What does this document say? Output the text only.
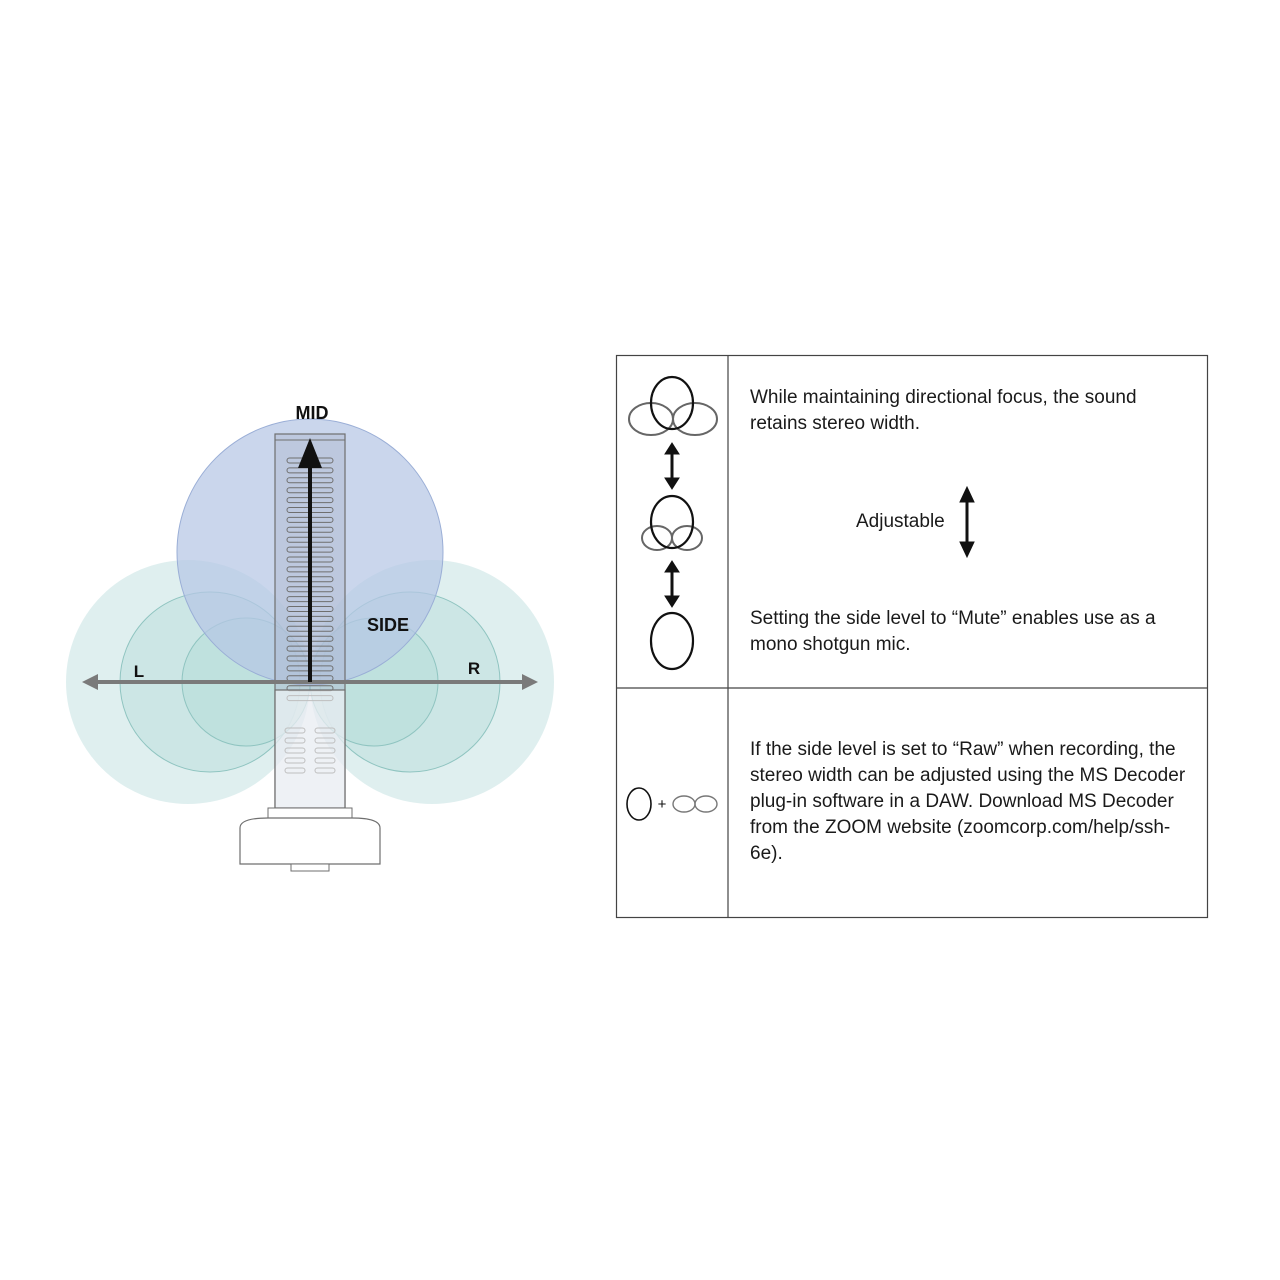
MID
SIDE
L	R
+

While maintaining directional focus, the sound retains stereo width.

Adjustable

Setting the side level to “Mute” enables use as a mono shotgun mic.

If the side level is set to “Raw” when recording, the stereo width can be adjusted using the MS Decoder plug-in software in a DAW. Download MS Decoder from the ZOOM website (zoomcorp.com/help/ssh-6e).
